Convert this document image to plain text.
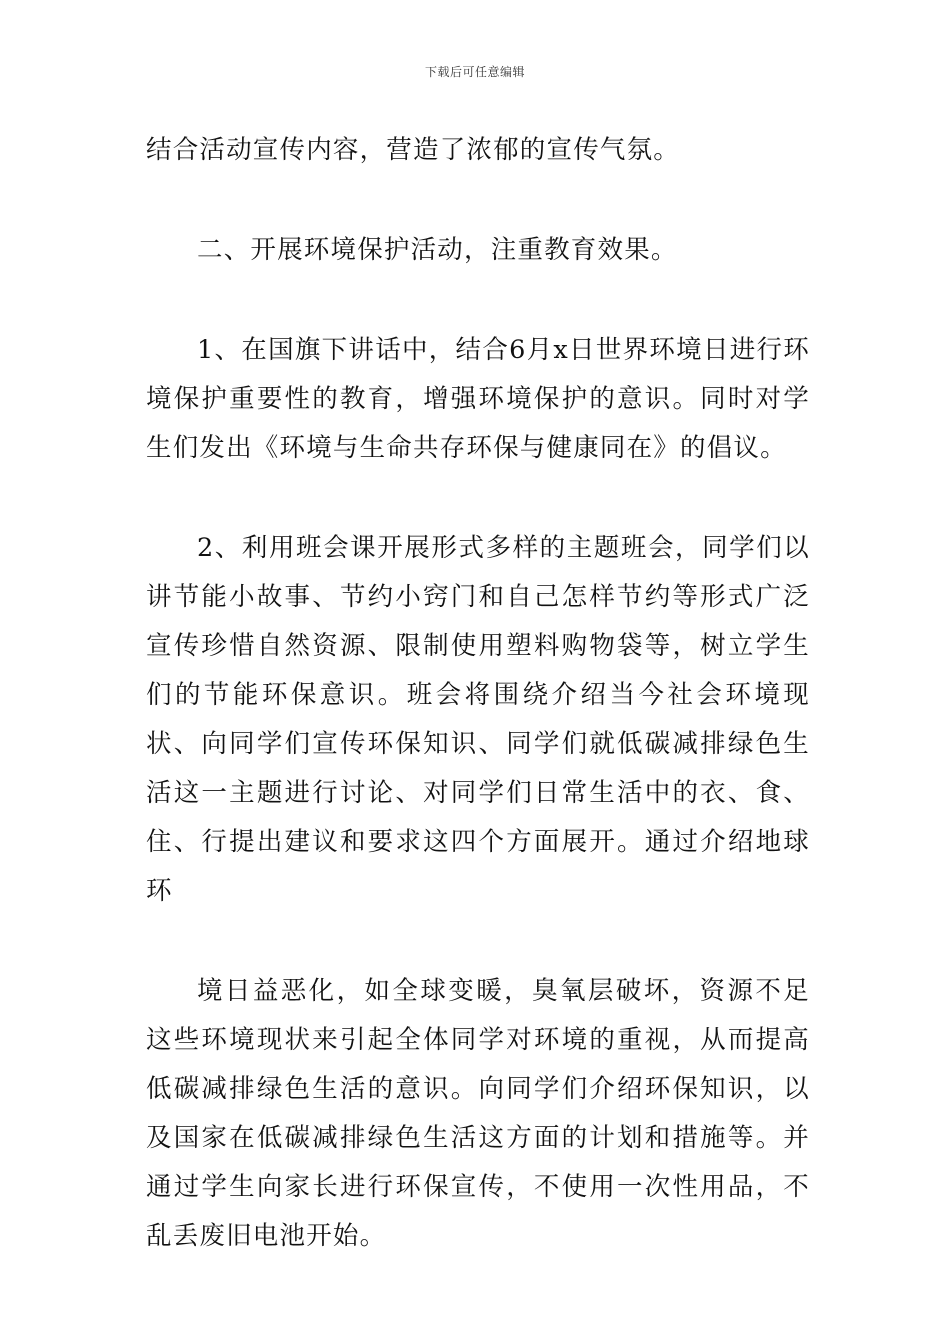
下载后可任意编辑

结合活动宣传内容，营造了浓郁的宣传气氛。

二、开展环境保护活动，注重教育效果。

1、在国旗下讲话中，结合6月x日世界环境日进行环境保护重要性的教育，增强环境保护的意识。同时对学生们发出《环境与生命共存环保与健康同在》的倡议。

2、利用班会课开展形式多样的主题班会，同学们以讲节能小故事、节约小窍门和自己怎样节约等形式广泛宣传珍惜自然资源、限制使用塑料购物袋等，树立学生们的节能环保意识。班会将围绕介绍当今社会环境现状、向同学们宣传环保知识、同学们就低碳减排绿色生活这一主题进行讨论、对同学们日常生活中的衣、食、住、行提出建议和要求这四个方面展开。通过介绍地球环

境日益恶化，如全球变暖，臭氧层破坏，资源不足这些环境现状来引起全体同学对环境的重视，从而提高低碳减排绿色生活的意识。向同学们介绍环保知识，以及国家在低碳减排绿色生活这方面的计划和措施等。并通过学生向家长进行环保宣传，不使用一次性用品，不乱丢废旧电池开始。
